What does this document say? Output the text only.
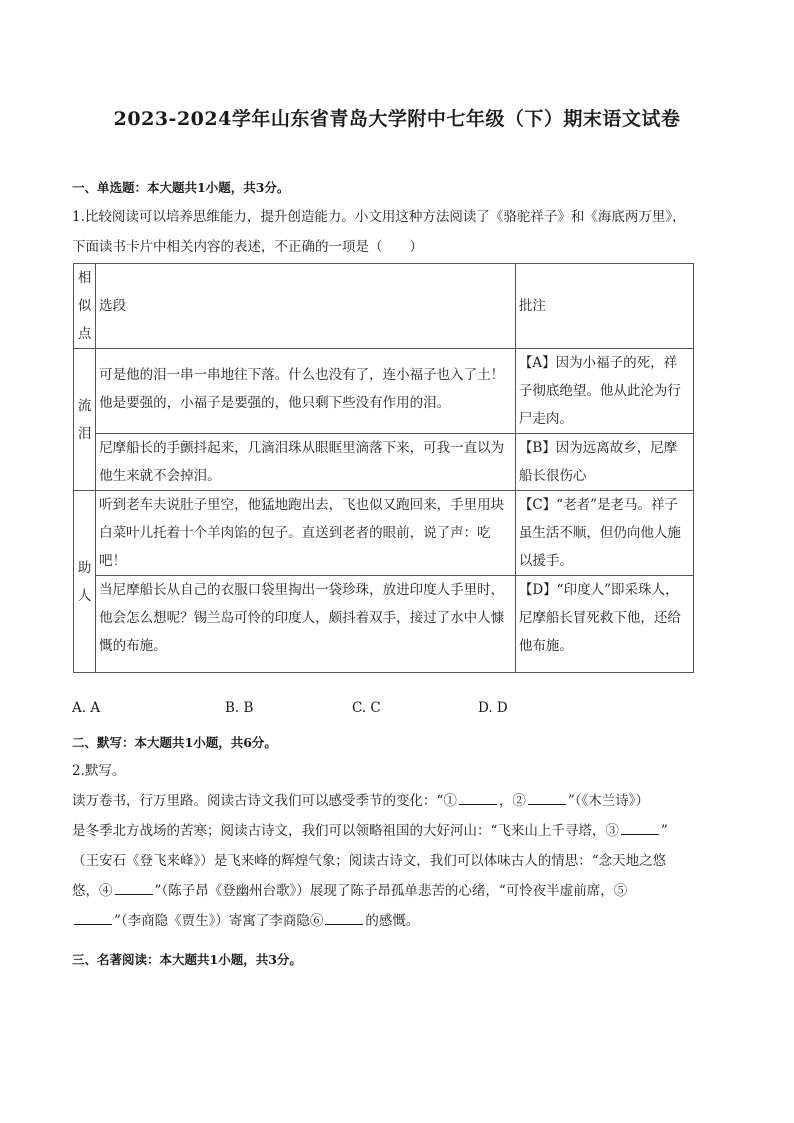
2023-2024学年山东省青岛大学附中七年级（下）期末语文试卷
一、单选题：本大题共1小题，共3分。
1.比较阅读可以培养思维能力，提升创造能力。小文用这种方法阅读了《骆驼祥子》和《海底两万里》，
下面读书卡片中相关内容的表述，不正确的一项是（　　）
相
似
点	选段	批注

流
泪	可是他的泪一串一串地往下落。什么也没有了，连小福子也入了土！他是要强的，小福子是要强的，他只剩下些没有作用的泪。	【A】因为小福子的死，祥子彻底绝望。他从此沦为行尸走肉。
	尼摩船长的手颤抖起来，几滴泪珠从眼眶里滴落下来，可我一直以为他生来就不会掉泪。	【B】因为远离故乡，尼摩船长很伤心

助
人	听到老车夫说肚子里空，他猛地跑出去，飞也似又跑回来，手里用块白菜叶儿托着十个羊肉馅的包子。直送到老者的眼前，说了声：吃吧！	【C】“老者”是老马。祥子虽生活不顺，但仍向他人施以援手。
	当尼摩船长从自己的衣服口袋里掏出一袋珍珠，放进印度人手里时，他会怎么想呢？锡兰岛可怜的印度人，颇抖着双手，接过了水中人慷慨的布施。	【D】“印度人”即采珠人，尼摩船长冒死救下他，还给他布施。
A. A	B. B	C. C	D. D
二、默写：本大题共1小题，共6分。
2.默写。
读万卷书，行万里路。阅读古诗文我们可以感受季节的变化：“①	，②	”（《木兰诗》）
是冬季北方战场的苦寒；阅读古诗文，我们可以领略祖国的大好河山：“飞来山上千寻塔，③	”
（王安石《登飞来峰》）是飞来峰的辉煌气象；阅读古诗文，我们可以体味古人的情思：“念天地之悠
悠，④	”（陈子昂《登幽州台歌》）展现了陈子昂孤单悲苦的心绪，“可怜夜半虚前席，⑤
”（李商隐《贾生》）寄寓了李商隐⑥	的感慨。
三、名著阅读：本大题共1小题，共3分。
